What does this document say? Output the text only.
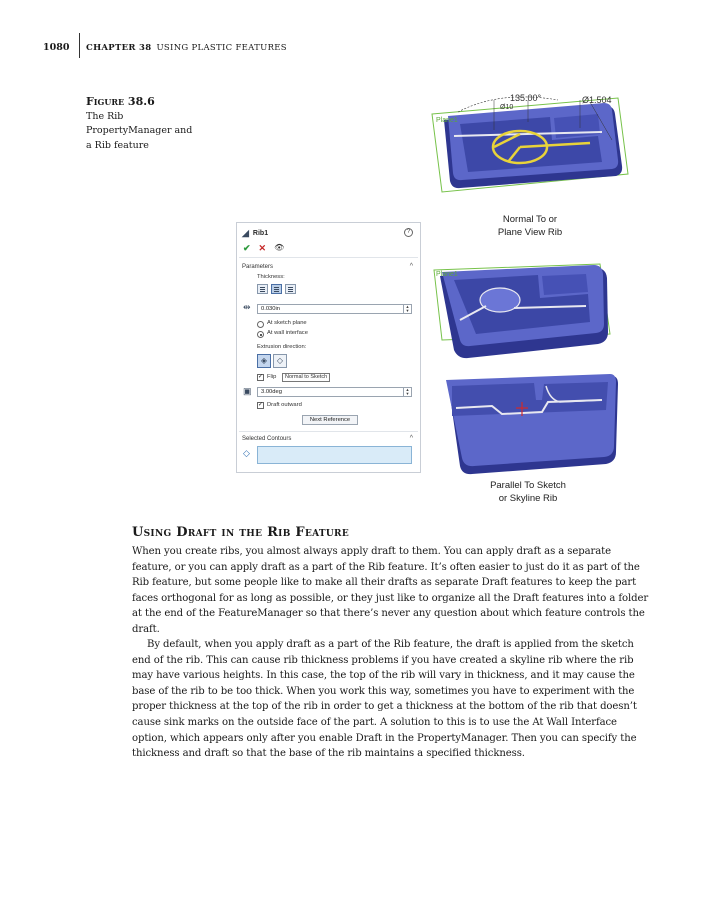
1080 CHAPTER 38 USING PLASTIC FEATURES
Figure 38.6
The Rib
PropertyManager and
a Rib feature
135.00°	Ø1.504
Ø10
Plane1
Normal To or
Plane View Rib
Plane1
Parallel To Sketch
or Skyline Rib
◢ Rib1	?
✔ ✕ 👁
Parameters	^
Thickness:
⇹	0.030in	▲
▼
At sketch plane
At wall interface
Extrusion direction:
◈	◇
✓ Flip	Normal to Sketch
▣	3.00deg	▲
▼
✓ Draft outward
Next Reference
Selected Contours	^
◇
Using Draft in the Rib Feature

When you create ribs, you almost always apply draft to them. You can apply draft as a separate feature, or you can apply draft as a part of the Rib feature. It’s often easier to just do it as part of the Rib feature, but some people like to make all their drafts as separate Draft features to keep the part faces orthogonal for as long as possible, or they just like to organize all the Draft features into a folder at the end of the FeatureManager so that there’s never any question about which feature controls the draft.

By default, when you apply draft as a part of the Rib feature, the draft is applied from the sketch end of the rib. This can cause rib thickness problems if you have created a skyline rib where the rib may have various heights. In this case, the top of the rib will vary in thickness, and it may cause the base of the rib to be too thick. When you work this way, sometimes you have to experiment with the proper thickness at the top of the rib in order to get a thickness at the bottom of the rib that doesn’t cause sink marks on the outside face of the part. A solution to this is to use the At Wall Interface option, which appears only after you enable Draft in the PropertyManager. Then you can specify the thickness and draft so that the base of the rib maintains a specified thickness.
